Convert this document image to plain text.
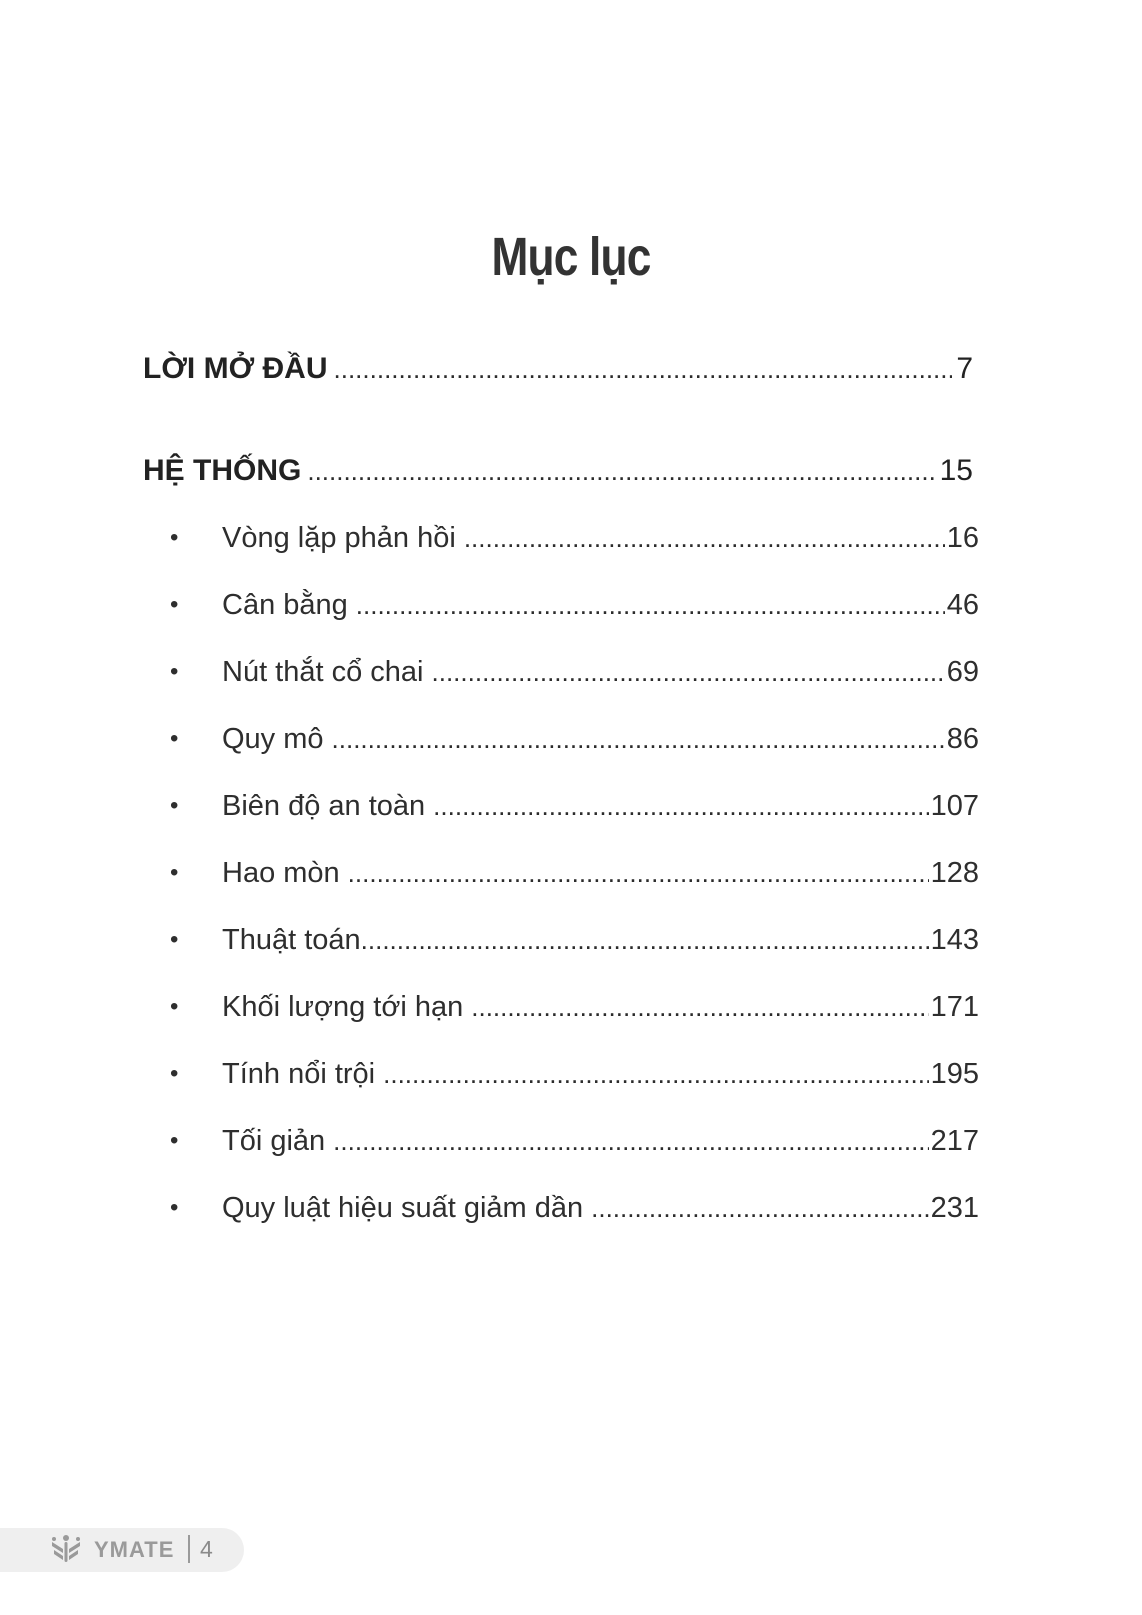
Mục lục
LỜI MỞ ĐẦU .....	7
HỆ THỐNG .....	15
• Vòng lặp phản hồi .....	16
• Cân bằng .....	46
• Nút thắt cổ chai .....	69
• Quy mô .....	86
• Biên độ an toàn .....	107
• Hao mòn .....	128
• Thuật toán .....	143
• Khối lượng tới hạn .....	171
• Tính nổi trội .....	195
• Tối giản .....	217
• Quy luật hiệu suất giảm dần .....	231
YMATE 4
